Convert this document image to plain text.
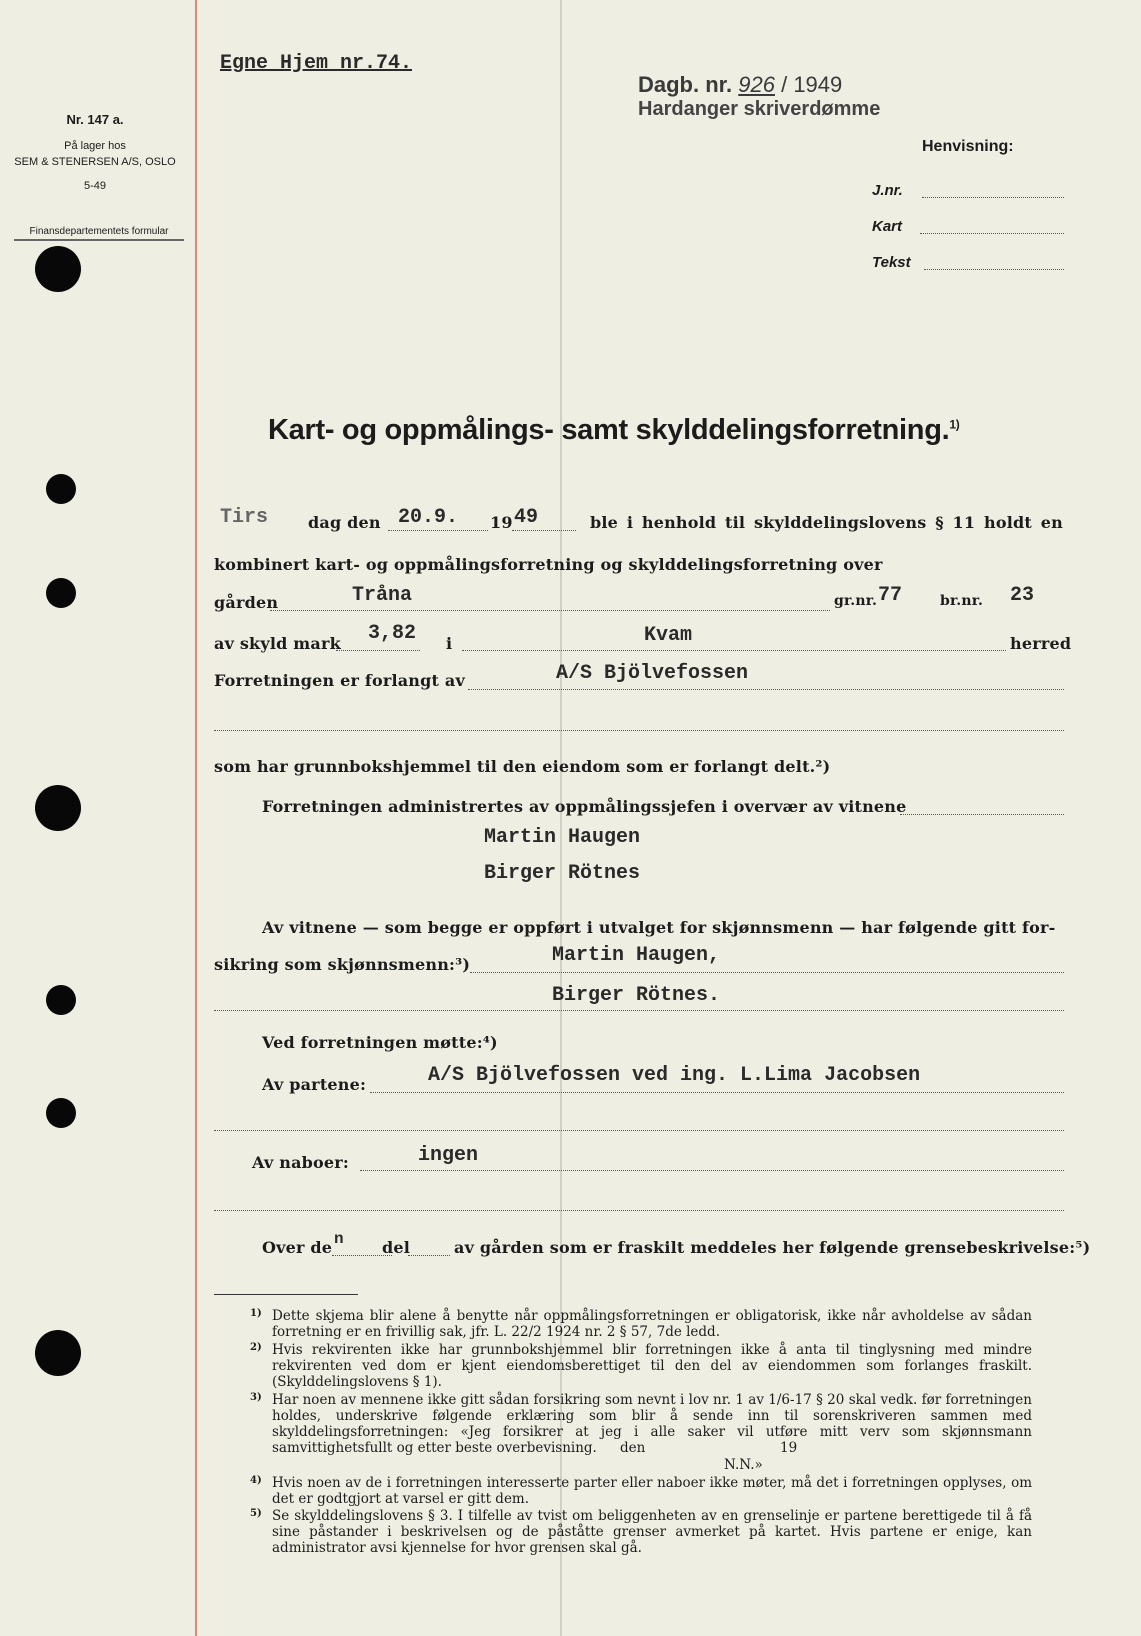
Nr. 147 a.
På lager hos
SEM & STENERSEN A/S, OSLO
5-49
Finansdepartementets formular
Egne Hjem nr.74.
Dagb. nr. 926 / 1949
Hardanger skriverdømme
Henvisning:
J.nr.
Kart
Tekst
Kart- og oppmålings- samt skylddelingsforretning.$^{1)}$
Tirs dag den 20.9. 19 49	ble i henhold til skylddelingslovens § 11 holdt en
kombinert kart- og oppmålingsforretning og skylddelingsforretning over
gården	Tråna	gr.nr. 77	br.nr. 23
av skyld mark 3,82 i	Kvam	herred
Forretningen er forlangt av	A/S Bjölvefossen
som har grunnbokshjemmel til den eiendom som er forlangt delt.²)
Forretningen administrertes av oppmålingssjefen i overvær av vitnene
Martin Haugen
Birger Rötnes
Av vitnene — som begge er oppført i utvalget for skjønnsmenn — har følgende gitt for-
sikring som skjønnsmenn:³)	Martin Haugen,
Birger Rötnes.
Ved forretningen møtte:⁴)
Av partene:	A/S Bjölvefossen ved ing. L.Lima Jacobsen
Av naboer:	ingen
Over de n del	av gården som er fraskilt meddeles her følgende grensebeskrivelse:⁵)
1) Dette skjema blir alene å benytte når oppmålingsforretningen er obligatorisk, ikke når avholdelse av sådan forretning er en frivillig sak, jfr. L. 22/2 1924 nr. 2 § 57, 7de ledd.
2) Hvis rekvirenten ikke har grunnbokshjemmel blir forretningen ikke å anta til tinglysning med mindre rekvirenten ved dom er kjent eiendomsberettiget til den del av eiendommen som forlanges fraskilt. (Skylddelingslovens § 1).
3) Har noen av mennene ikke gitt sådan forsikring som nevnt i lov nr. 1 av 1/6-17 § 20 skal vedk. før forretningen holdes, underskrive følgende erklæring som blir å sende inn til sorenskriveren sammen med skylddelingsforretningen: «Jeg forsikrer at jeg i alle saker vil utføre mitt verv som skjønnsmann samvittighetsfullt og etter beste overbevisning.	den	19
N.N.»
4) Hvis noen av de i forretningen interesserte parter eller naboer ikke møter, må det i forretningen opplyses, om det er godtgjort at varsel er gitt dem.
5) Se skylddelingslovens § 3. I tilfelle av tvist om beliggenheten av en grenselinje er partene berettigede til å få sine påstander i beskrivelsen og de påståtte grenser avmerket på kartet. Hvis partene er enige, kan administrator avsi kjennelse for hvor grensen skal gå.
